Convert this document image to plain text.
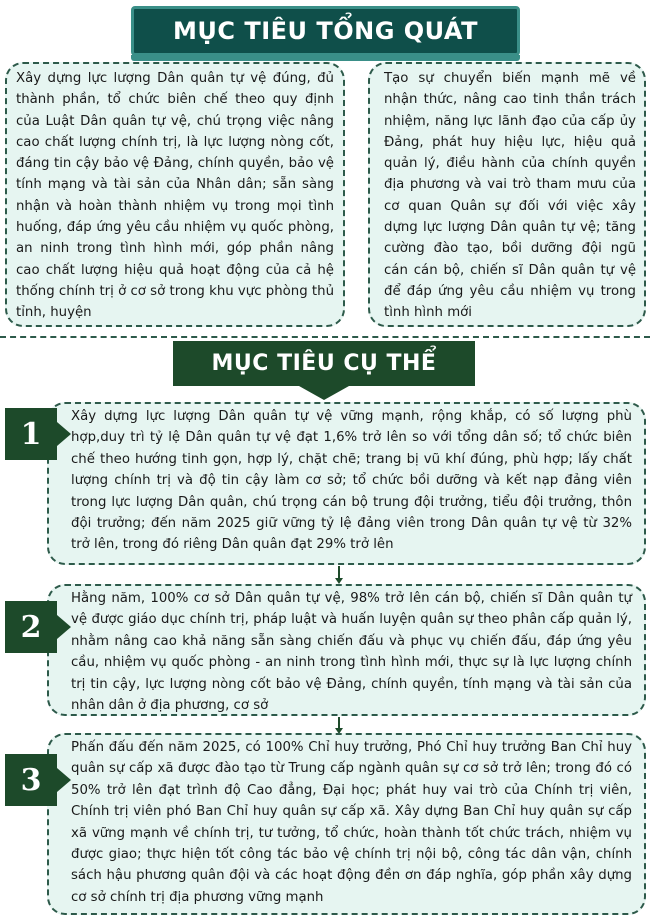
MỤC TIÊU TỔNG QUÁT

Xây dựng lực lượng Dân quân tự vệ đúng, đủ thành phần, tổ chức biên chế theo quy định của Luật Dân quân tự vệ, chú trọng việc nâng cao chất lượng chính trị, là lực lượng nòng cốt, đáng tin cậy bảo vệ Đảng, chính quyền, bảo vệ tính mạng và tài sản của Nhân dân; sẵn sàng nhận và hoàn thành nhiệm vụ trong mọi tình huống, đáp ứng yêu cầu nhiệm vụ quốc phòng, an ninh trong tình hình mới, góp phần nâng cao chất lượng hiệu quả hoạt động của cả hệ thống chính trị ở cơ sở trong khu vực phòng thủ tỉnh, huyện

Tạo sự chuyển biến mạnh mẽ về nhận thức, nâng cao tinh thần trách nhiệm, năng lực lãnh đạo của cấp ủy Đảng, phát huy hiệu lực, hiệu quả quản lý, điều hành của chính quyền địa phương và vai trò tham mưu của cơ quan Quân sự đối với việc xây dựng lực lượng Dân quân tự vệ; tăng cường đào tạo, bồi dưỡng đội ngũ cán cán bộ, chiến sĩ Dân quân tự vệ để đáp ứng yêu cầu nhiệm vụ trong tình hình mới

MỤC TIÊU CỤ THỂ

Xây dựng lực lượng Dân quân tự vệ vững mạnh, rộng khắp, có số lượng phù hợp,duy trì tỷ lệ Dân quân tự vệ đạt 1,6% trở lên so với tổng dân số; tổ chức biên chế theo hướng tinh gọn, hợp lý, chặt chẽ; trang bị vũ khí đúng, phù hợp; lấy chất lượng chính trị và độ tin cậy làm cơ sở; tổ chức bồi dưỡng và kết nạp đảng viên trong lực lượng Dân quân, chú trọng cán bộ trung đội trưởng, tiểu đội trưởng, thôn đội trưởng; đến năm 2025 giữ vững tỷ lệ đảng viên trong Dân quân tự vệ từ 32% trở lên, trong đó riêng Dân quân đạt 29% trở lên

1

Hằng năm, 100% cơ sở Dân quân tự vệ, 98% trở lên cán bộ, chiến sĩ Dân quân tự vệ được giáo dục chính trị, pháp luật và huấn luyện quân sự theo phân cấp quản lý, nhằm nâng cao khả năng sẵn sàng chiến đấu và phục vụ chiến đấu, đáp ứng yêu cầu, nhiệm vụ quốc phòng - an ninh trong tình hình mới, thực sự là lực lượng chính trị tin cậy, lực lượng nòng cốt bảo vệ Đảng, chính quyền, tính mạng và tài sản của nhân dân ở địa phương, cơ sở

2

Phấn đấu đến năm 2025, có 100% Chỉ huy trưởng, Phó Chỉ huy trưởng Ban Chỉ huy quân sự cấp xã được đào tạo từ Trung cấp ngành quân sự cơ sở trở lên; trong đó có 50% trở lên đạt trình độ Cao đẳng, Đại học; phát huy vai trò của Chính trị viên, Chính trị viên phó Ban Chỉ huy quân sự cấp xã. Xây dựng Ban Chỉ huy quân sự cấp xã vững mạnh về chính trị, tư tưởng, tổ chức, hoàn thành tốt chức trách, nhiệm vụ được giao; thực hiện tốt công tác bảo vệ chính trị nội bộ, công tác dân vận, chính sách hậu phương quân đội và các hoạt động đền ơn đáp nghĩa, góp phần xây dựng cơ sở chính trị địa phương vững mạnh

3
